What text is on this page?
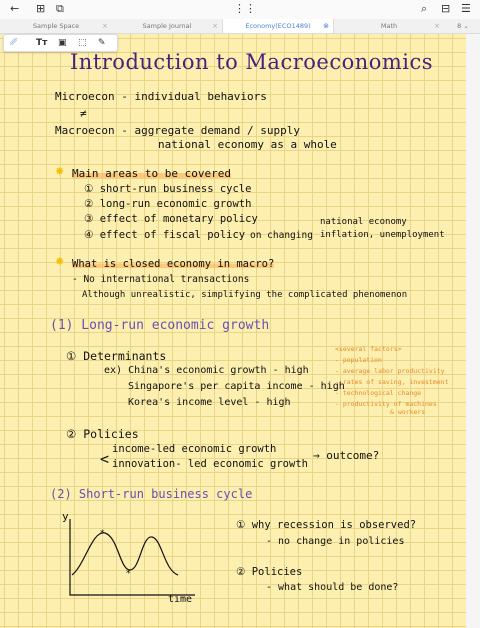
← ⊞ ⧉	⋮⋮	⌕ ⊟ ☰
Sample Space	×	Sample Journal	×	Economy(ECO1489) ⊗	Math	×	8 ⌄
␥ Tт ▣ ⬚ ✎
Introduction to Macroeconomics
Microecon - individual behaviors
≠
Macroecon - aggregate demand / supply
national economy as a whole
✸ Main areas to be covered
① short-run business cycle
② long-run economic growth
③ effect of monetary policy
④ effect of fiscal policy on changing
national economy
inflation, unemployment
✸ What is closed economy in macro?
- No international transactions
Although unrealistic, simplifying the complicated phenomenon
(1) Long-run economic growth
① Determinants
ex) China's economic growth - high
Singapore's per capita income - high
Korea's income level - high
<several factors>
- population
- average labor productivity
- rates of saving, investment
- technological change
- productivity of machines
& workers
② Policies
<
income-led economic growth
innovation- led economic growth
→ outcome?
(2) Short-run business cycle
y
*
*
time
① why recession is observed?
- no change in policies
② Policies
- what should be done?
